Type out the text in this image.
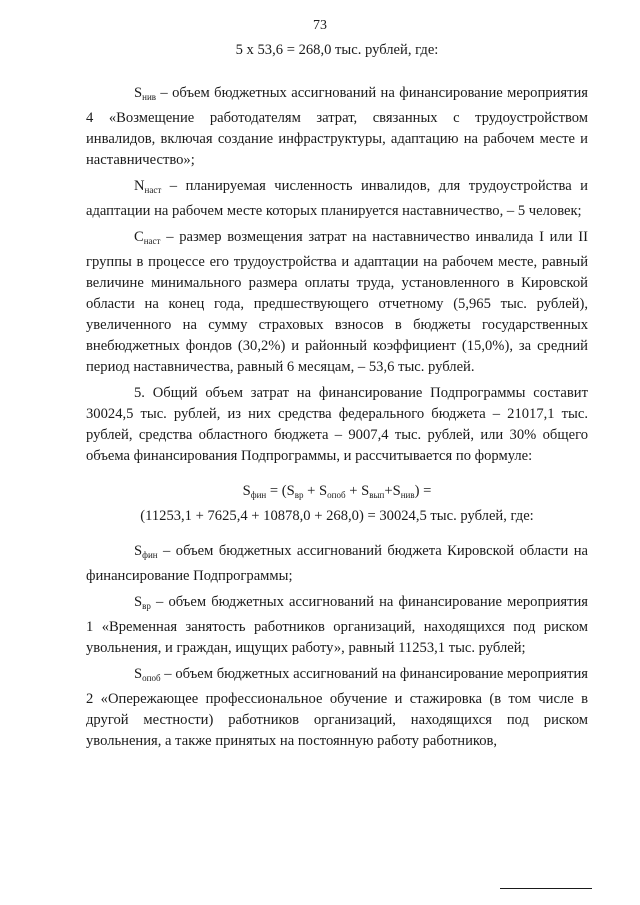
73
5 x 53,6 = 268,0 тыс. рублей, где:
$S_{нив}$ – объем бюджетных ассигнований на финансирование мероприятия 4 «Возмещение работодателям затрат, связанных с трудоустройством инвалидов, включая создание инфраструктуры, адаптацию на рабочем месте и наставничество»;
$N_{наст}$ – планируемая численность инвалидов, для трудоустройства и адаптации на рабочем месте которых планируется наставничество, – 5 человек;
$C_{наст}$ – размер возмещения затрат на наставничество инвалида I или II группы в процессе его трудоустройства и адаптации на рабочем месте, равный величине минимального размера оплаты труда, установленного в Кировской области на конец года, предшествующего отчетному (5,965 тыс. рублей), увеличенного на сумму страховых взносов в бюджеты государственных внебюджетных фондов (30,2%) и районный коэффициент (15,0%), за средний период наставничества, равный 6 месяцам, – 53,6 тыс. рублей.
5. Общий объем затрат на финансирование Подпрограммы составит 30024,5 тыс. рублей, из них средства федерального бюджета – 21017,1 тыс. рублей, средства областного бюджета – 9007,4 тыс. рублей, или 30% общего объема финансирования Подпрограммы, и рассчитывается по формуле:
$S_{фин} = (S_{вр} + S_{опоб} + S_{вып}+S_{нив})$ =
(11253,1 + 7625,4 + 10878,0 + 268,0) = 30024,5 тыс. рублей, где:
$S_{фин}$ – объем бюджетных ассигнований бюджета Кировской области на финансирование Подпрограммы;
$S_{вр}$ – объем бюджетных ассигнований на финансирование мероприятия 1 «Временная занятость работников организаций, находящихся под риском увольнения, и граждан, ищущих работу», равный 11253,1 тыс. рублей;
$S_{опоб}$ – объем бюджетных ассигнований на финансирование мероприятия 2 «Опережающее профессиональное обучение и стажировка (в том числе в другой местности) работников организаций, находящихся под риском увольнения, а также принятых на постоянную работу работников,
